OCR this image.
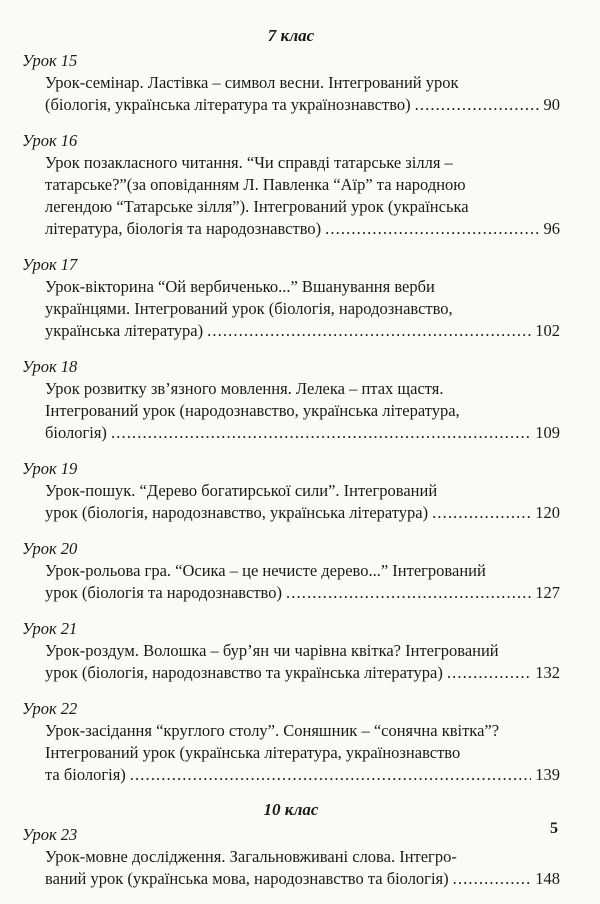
7 клас

Урок 15

Урок-семінар. Ластівка – символ весни. Інтегрований урок
(біологія, українська література та українознавство) . . .	90

Урок 16

Урок позакласного читання. “Чи справді татарське зілля –
татарське?”(за оповіданням Л. Павленка “Аїр” та народною
легендою “Татарське зілля”). Інтегрований урок (українська
література, біологія та народознавство) . . .	96

Урок 17

Урок-вікторина “Ой вербиченько...” Вшанування верби
українцями. Інтегрований урок (біологія, народознавство,
українська література) . . .	102

Урок 18

Урок розвитку зв’язного мовлення. Лелека – птах щастя.
Інтегрований урок (народознавство, українська література,
біологія) . . .	109

Урок 19

Урок-пошук. “Дерево богатирської сили”. Інтегрований
урок (біологія, народознавство, українська література) . . .	120

Урок 20

Урок-рольова гра. “Осика – це нечисте дерево...” Інтегрований
урок (біологія та народознавство) . . .	127

Урок 21

Урок-роздум. Волошка – бур’ян чи чарівна квітка? Інтегрований
урок (біологія, народознавство та українська література) . . .	132

Урок 22

Урок-засідання “круглого столу”. Соняшник – “сонячна квітка”?
Інтегрований урок (українська література, українознавство
та біологія) . . .	139
10 клас

Урок 23

Урок-мовне дослідження. Загальновживані слова. Інтегро-
ваний урок (українська мова, народознавство та біологія) . . .	148
5
